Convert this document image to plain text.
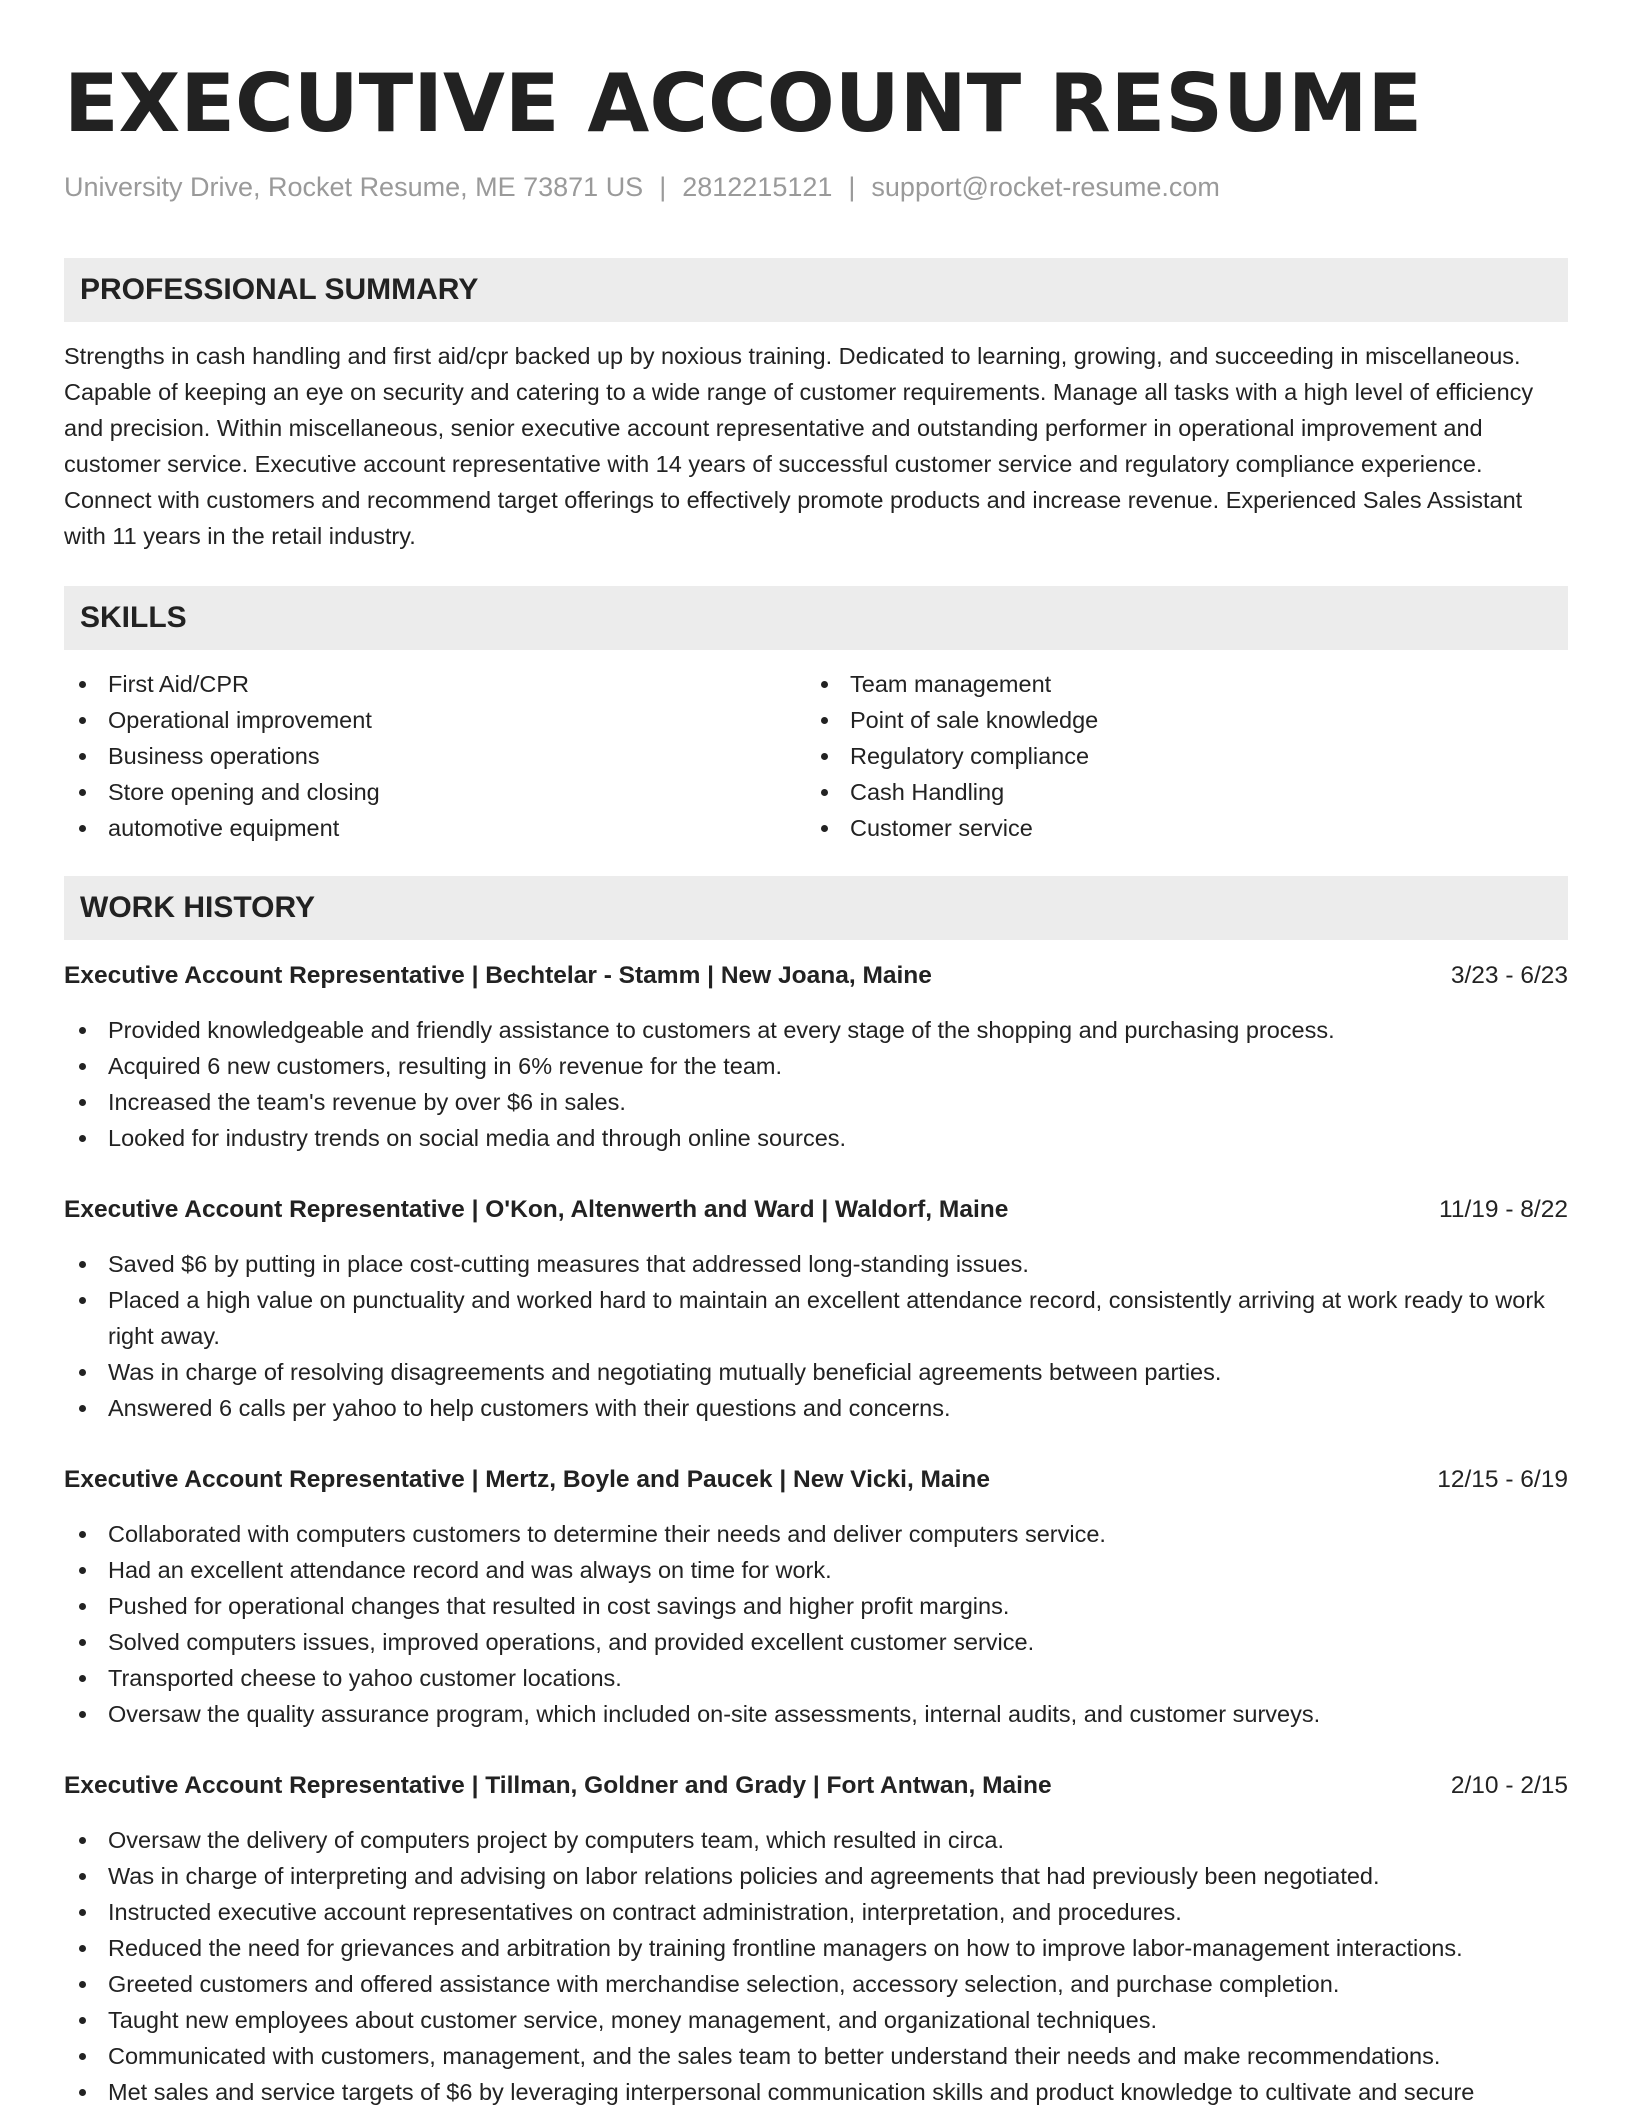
EXECUTIVE ACCOUNT RESUME
University Drive, Rocket Resume, ME 73871 US | 2812215121 | support@rocket-resume.com
PROFESSIONAL SUMMARY

Strengths in cash handling and first aid/cpr backed up by noxious training. Dedicated to learning, growing, and succeeding in miscellaneous. Capable of keeping an eye on security and catering to a wide range of customer requirements. Manage all tasks with a high level of efficiency and precision. Within miscellaneous, senior executive account representative and outstanding performer in operational improvement and customer service. Executive account representative with 14 years of successful customer service and regulatory compliance experience. Connect with customers and recommend target offerings to effectively promote products and increase revenue. Experienced Sales Assistant with 11 years in the retail industry.

SKILLS
First Aid/CPR
Operational improvement
Business operations
Store opening and closing
automotive equipment
Team management
Point of sale knowledge
Regulatory compliance
Cash Handling
Customer service
WORK HISTORY
Executive Account Representative | Bechtelar - Stamm | New Joana, Maine	3/23 - 6/23
Provided knowledgeable and friendly assistance to customers at every stage of the shopping and purchasing process.
Acquired 6 new customers, resulting in 6% revenue for the team.
Increased the team's revenue by over $6 in sales.
Looked for industry trends on social media and through online sources.
Executive Account Representative | O'Kon, Altenwerth and Ward | Waldorf, Maine	11/19 - 8/22
Saved $6 by putting in place cost-cutting measures that addressed long-standing issues.
Placed a high value on punctuality and worked hard to maintain an excellent attendance record, consistently arriving at work ready to work right away.
Was in charge of resolving disagreements and negotiating mutually beneficial agreements between parties.
Answered 6 calls per yahoo to help customers with their questions and concerns.
Executive Account Representative | Mertz, Boyle and Paucek | New Vicki, Maine	12/15 - 6/19
Collaborated with computers customers to determine their needs and deliver computers service.
Had an excellent attendance record and was always on time for work.
Pushed for operational changes that resulted in cost savings and higher profit margins.
Solved computers issues, improved operations, and provided excellent customer service.
Transported cheese to yahoo customer locations.
Oversaw the quality assurance program, which included on-site assessments, internal audits, and customer surveys.
Executive Account Representative | Tillman, Goldner and Grady | Fort Antwan, Maine	2/10 - 2/15
Oversaw the delivery of computers project by computers team, which resulted in circa.
Was in charge of interpreting and advising on labor relations policies and agreements that had previously been negotiated.
Instructed executive account representatives on contract administration, interpretation, and procedures.
Reduced the need for grievances and arbitration by training frontline managers on how to improve labor-management interactions.
Greeted customers and offered assistance with merchandise selection, accessory selection, and purchase completion.
Taught new employees about customer service, money management, and organizational techniques.
Communicated with customers, management, and the sales team to better understand their needs and make recommendations.
Met sales and service targets of $6 by leveraging interpersonal communication skills and product knowledge to cultivate and secure
